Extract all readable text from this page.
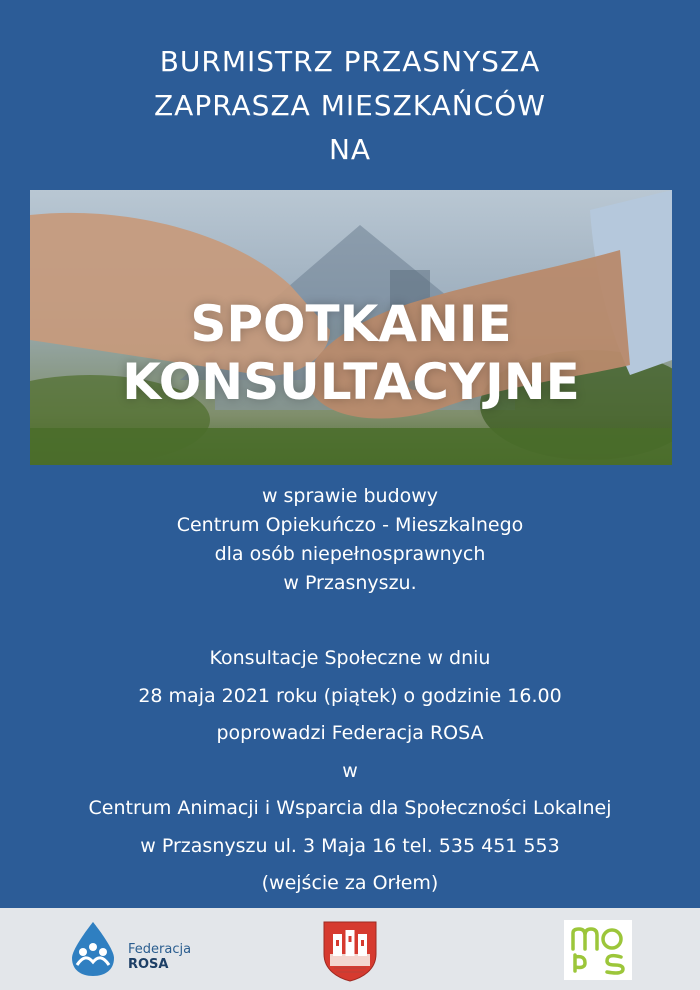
BURMISTRZ PRZASNYSZA
ZAPRASZA MIESZKAŃCÓW
NA
SPOTKANIE
KONSULTACYJNE
w sprawie budowy
Centrum Opiekuńczo - Mieszkalnego
dla osób niepełnosprawnych
w Przasnyszu.
Konsultacje Społeczne w dniu
28 maja 2021 roku (piątek) o godzinie 16.00
poprowadzi Federacja ROSA
w
Centrum Animacji i Wsparcia dla Społeczności Lokalnej
w Przasnyszu ul. 3 Maja 16 tel. 535 451 553
(wejście za Orłem)
Federacja
ROSA
